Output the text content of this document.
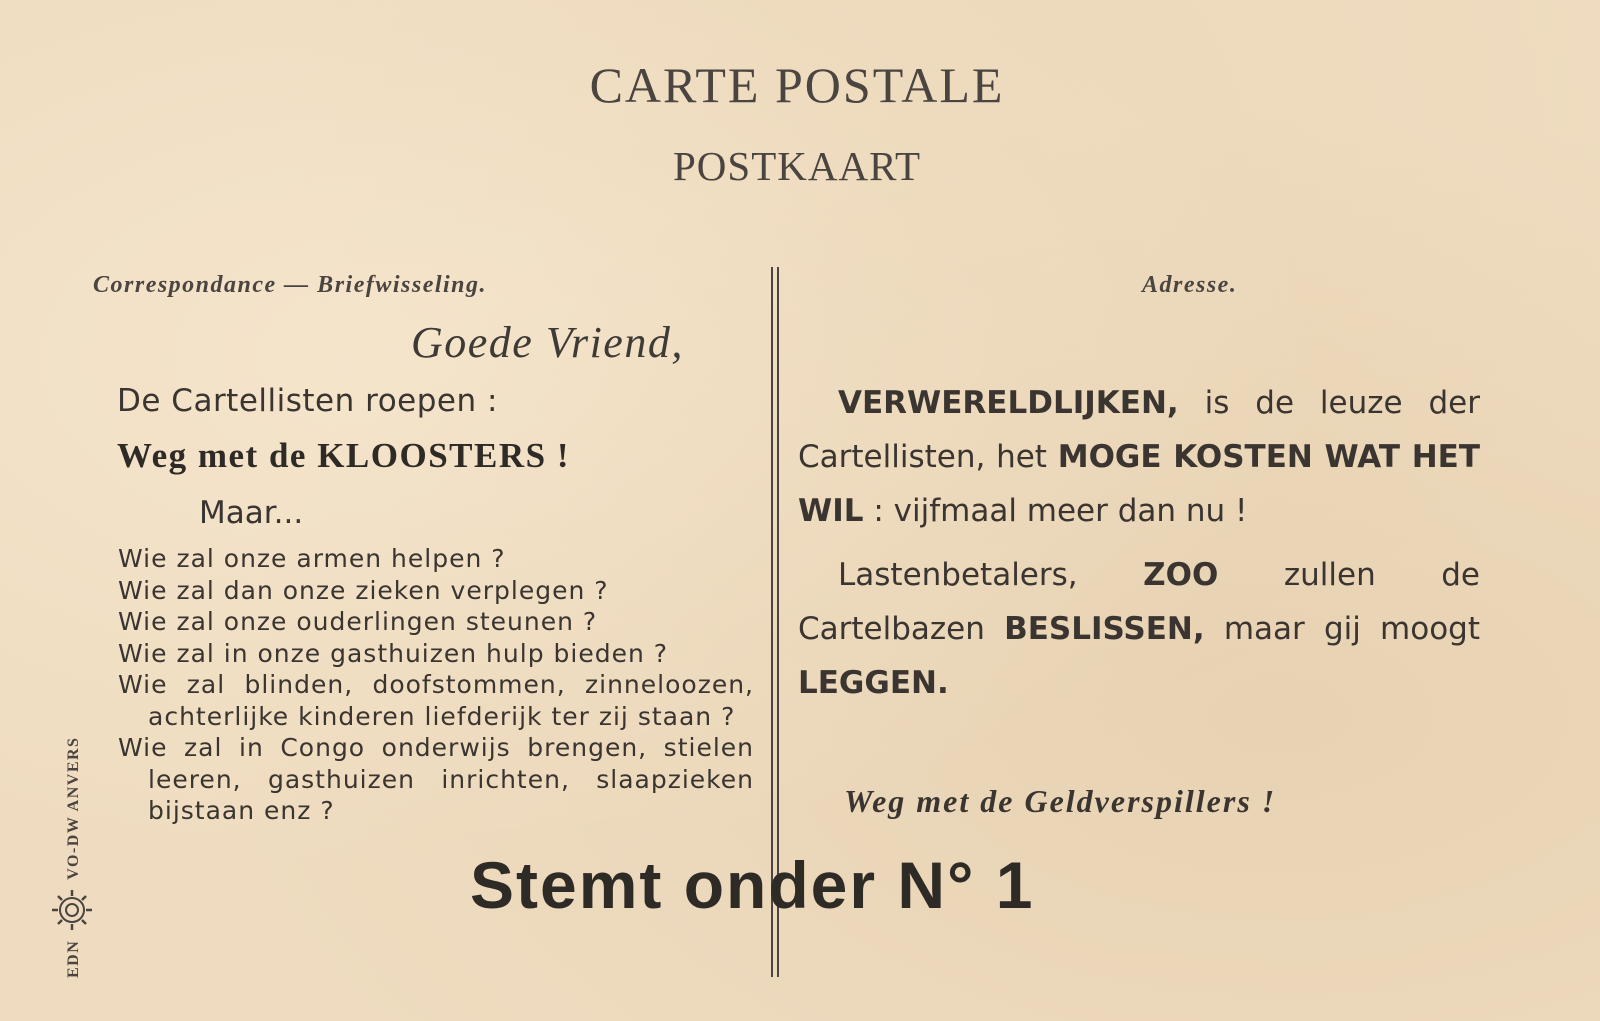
CARTE POSTALE
POSTKAART
Correspondance — Briefwisseling.	Adresse.
Goede Vriend,
De Cartellisten roepen :
Weg met de KLOOSTERS !
Maar...
Wie zal onze armen helpen ?
Wie zal dan onze zieken verplegen ?
Wie zal onze ouderlingen steunen ?
Wie zal in onze gasthuizen hulp bieden ?
Wie zal blinden, doofstommen, zinneloozen, achterlijke kinderen liefderijk ter zij staan ?
Wie zal in Congo onderwijs brengen, stielen leeren, gasthuizen inrichten, slaapzieken bijstaan enz ?

VERWERELDLIJKEN, is de leuze der Cartellisten, het MOGE KOSTEN WAT HET WIL : vijfmaal meer dan nu !

Lastenbetalers, ZOO zullen de Cartelbazen BESLISSEN, maar gij moogt LEGGEN.

Weg met de Geldverspillers !
Stemt onder N° 1
EDNVO-DW ANVERS
